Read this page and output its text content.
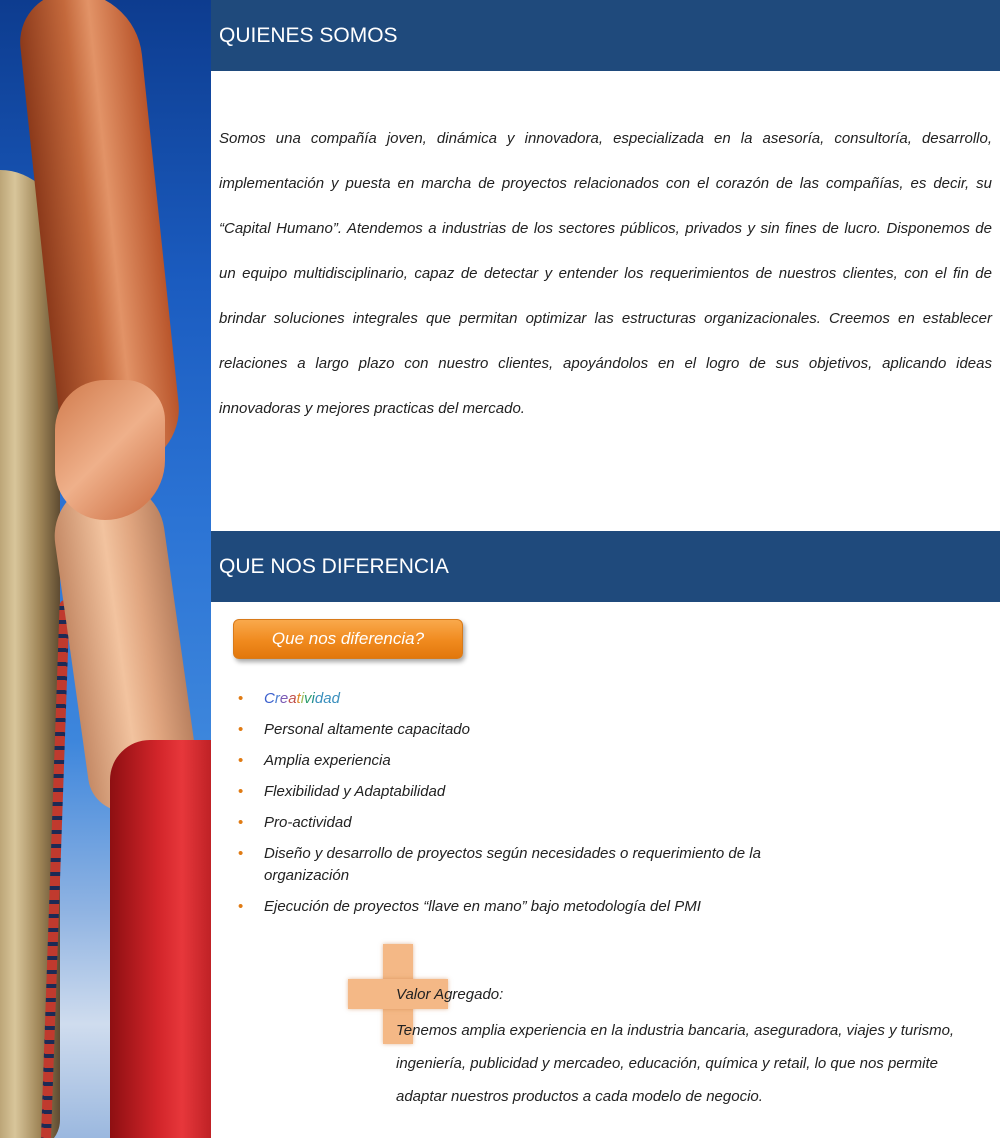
QUIENES SOMOS

Somos una compañía joven, dinámica y innovadora, especializada en la asesoría, consultoría, desarrollo, implementación y puesta en marcha de proyectos relacionados con el corazón de las compañías, es decir, su “Capital Humano”. Atendemos a industrias de los sectores públicos, privados y sin fines de lucro. Disponemos de un equipo multidisciplinario, capaz de detectar y entender los requerimientos de nuestros clientes, con el fin de brindar soluciones integrales que permitan optimizar las estructuras organizacionales. Creemos en establecer relaciones a largo plazo con nuestro clientes, apoyándolos en el logro de sus objetivos, aplicando ideas innovadoras y mejores practicas del mercado.

QUE NOS DIFERENCIA
Que nos diferencia?
• Creatividad
• Personal altamente capacitado
• Amplia experiencia
• Flexibilidad y Adaptabilidad
• Pro-actividad
• Diseño y desarrollo de proyectos según necesidades o requerimiento de la organización
• Ejecución de proyectos “llave en mano” bajo metodología del PMI
Valor Agregado:

Tenemos amplia experiencia en la industria bancaria, aseguradora, viajes y turismo, ingeniería, publicidad y mercadeo, educación, química y retail, lo que nos permite adaptar nuestros productos a cada modelo de negocio.
